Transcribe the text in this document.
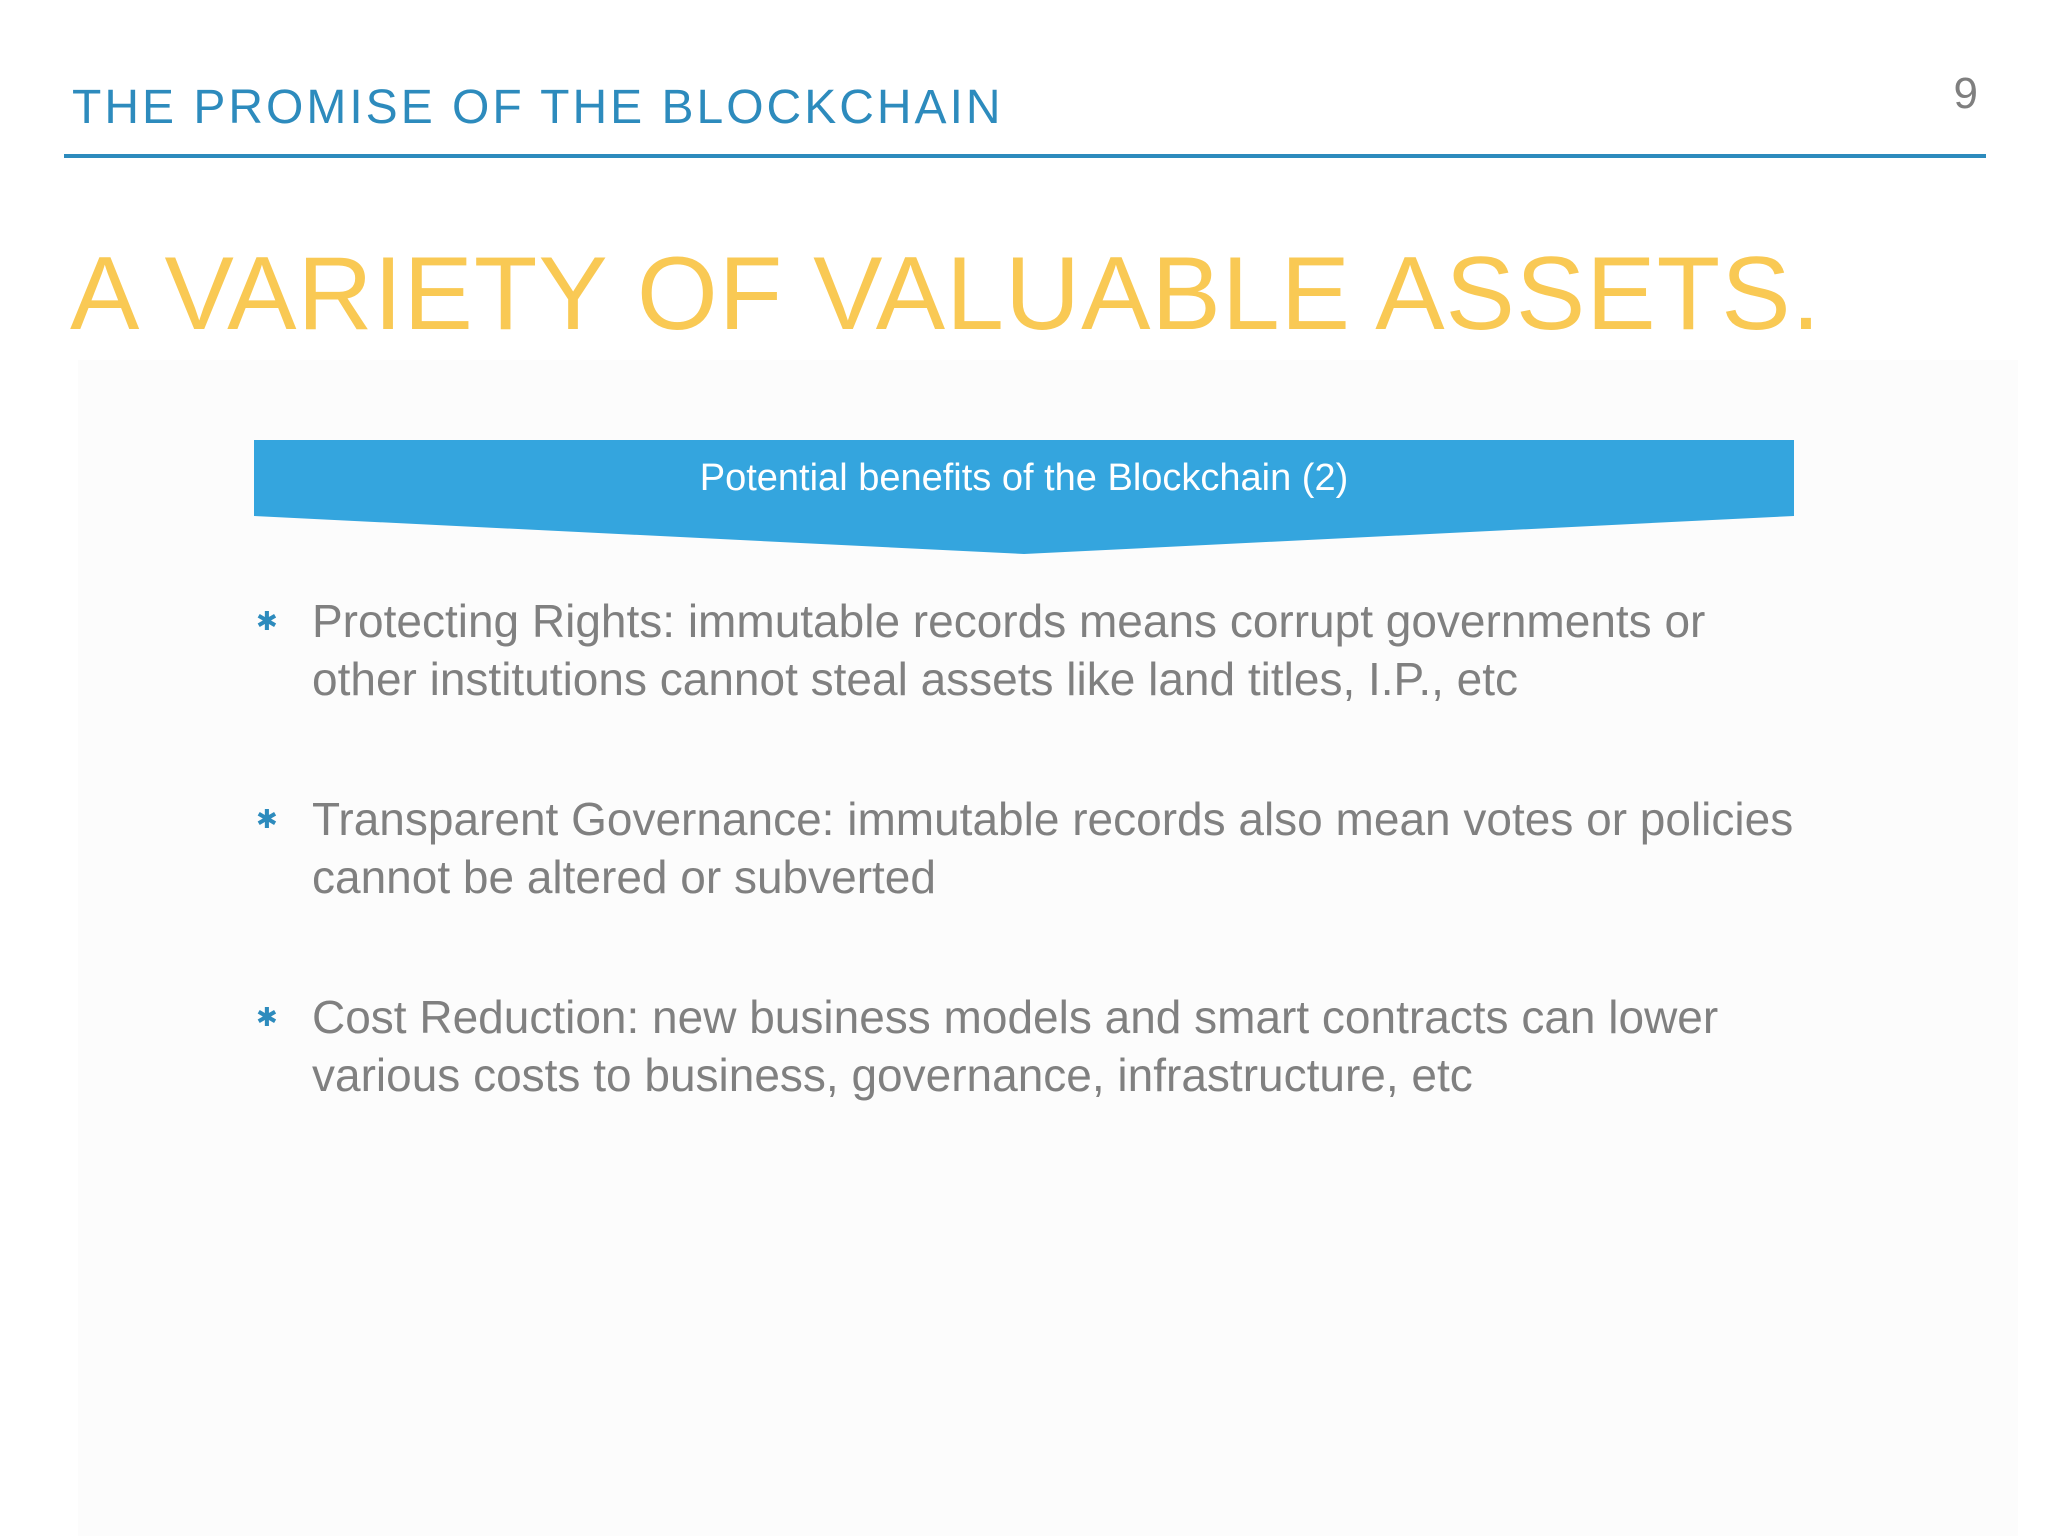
THE PROMISE OF THE BLOCKCHAIN	9
A VARIETY OF VALUABLE ASSETS.
Potential benefits of the Blockchain (2)
✱ Protecting Rights: immutable records means corrupt governments or other institutions cannot steal assets like land titles, I.P., etc
✱ Transparent Governance: immutable records also mean votes or policies cannot be altered or subverted
✱ Cost Reduction: new business models and smart contracts can lower various costs to business, governance, infrastructure, etc
